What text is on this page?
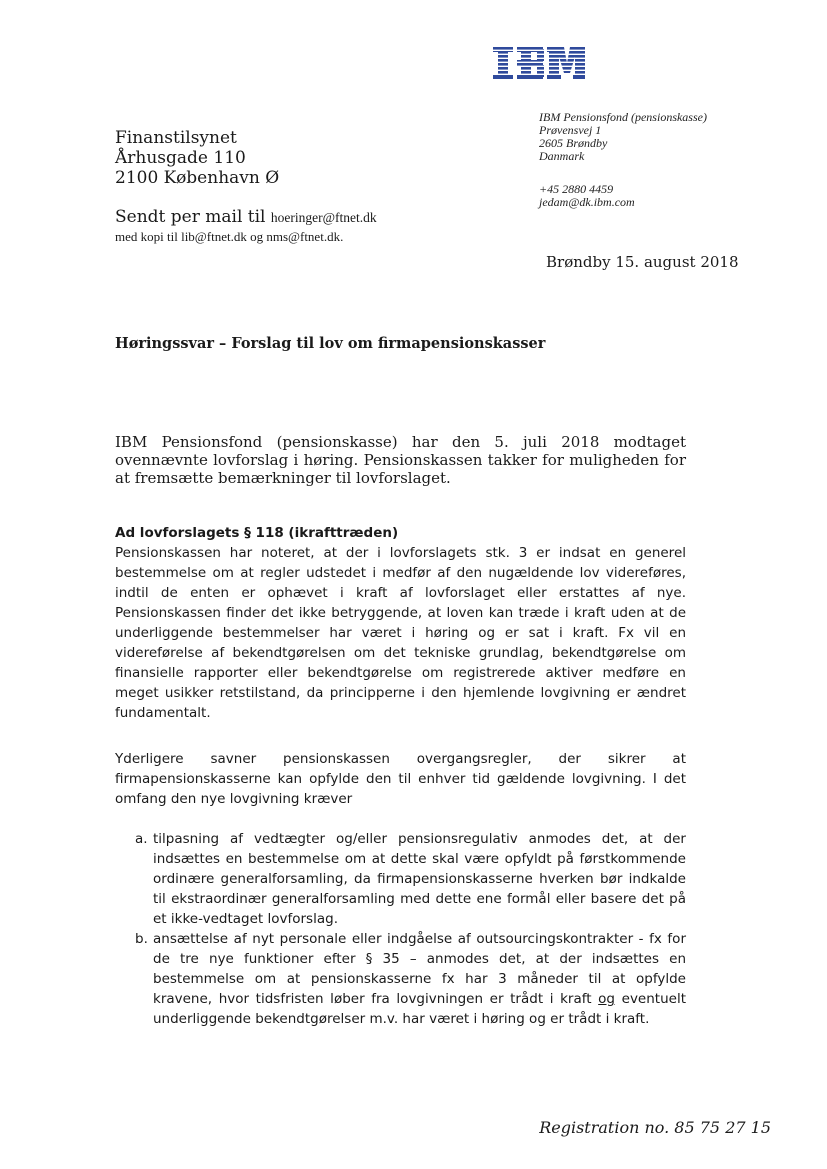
IBM Pensionsfond (pensionskasse)
Prøvensvej 1
2605 Brøndby
Danmark
+45 2880 4459
jedam@dk.ibm.com
Finanstilsynet
Århusgade 110
2100 København Ø
Sendt per mail til hoeringer@ftnet.dk
med kopi til lib@ftnet.dk og nms@ftnet.dk.
Brøndby 15. august 2018
Høringssvar – Forslag til lov om firmapensionskasser
IBM Pensionsfond (pensionskasse) har den 5. juli 2018 modtaget ovennævnte lovforslag i høring. Pensionskassen takker for muligheden for at fremsætte bemærkninger til lovforslaget.
Ad lovforslagets § 118 (ikrafttræden)
Pensionskassen har noteret, at der i lovforslagets stk. 3 er indsat en generel bestemmelse om at regler udstedet i medfør af den nugældende lov videreføres, indtil de enten er ophævet i kraft af lovforslaget eller erstattes af nye. Pensionskassen finder det ikke betryggende, at loven kan træde i kraft uden at de underliggende bestemmelser har været i høring og er sat i kraft. Fx vil en videreførelse af bekendtgørelsen om det tekniske grundlag, bekendtgørelse om finansielle rapporter eller bekendtgørelse om registrerede aktiver medføre en meget usikker retstilstand, da principperne i den hjemlende lovgivning er ændret fundamentalt.
Yderligere savner pensionskassen overgangsregler, der sikrer at firmapensionskasserne kan opfylde den til enhver tid gældende lovgivning. I det omfang den nye lovgivning kræver
a. tilpasning af vedtægter og/eller pensionsregulativ anmodes det, at der indsættes en bestemmelse om at dette skal være opfyldt på førstkommende ordinære generalforsamling, da firmapensionskasserne hverken bør indkalde til ekstraordinær generalforsamling med dette ene formål eller basere det på et ikke-vedtaget lovforslag.
b. ansættelse af nyt personale eller indgåelse af outsourcingskontrakter - fx for de tre nye funktioner efter § 35 – anmodes det, at der indsættes en bestemmelse om at pensionskasserne fx har 3 måneder til at opfylde kravene, hvor tidsfristen løber fra lovgivningen er trådt i kraft og eventuelt underliggende bekendtgørelser m.v. har været i høring og er trådt i kraft.
Registration no. 85 75 27 15
